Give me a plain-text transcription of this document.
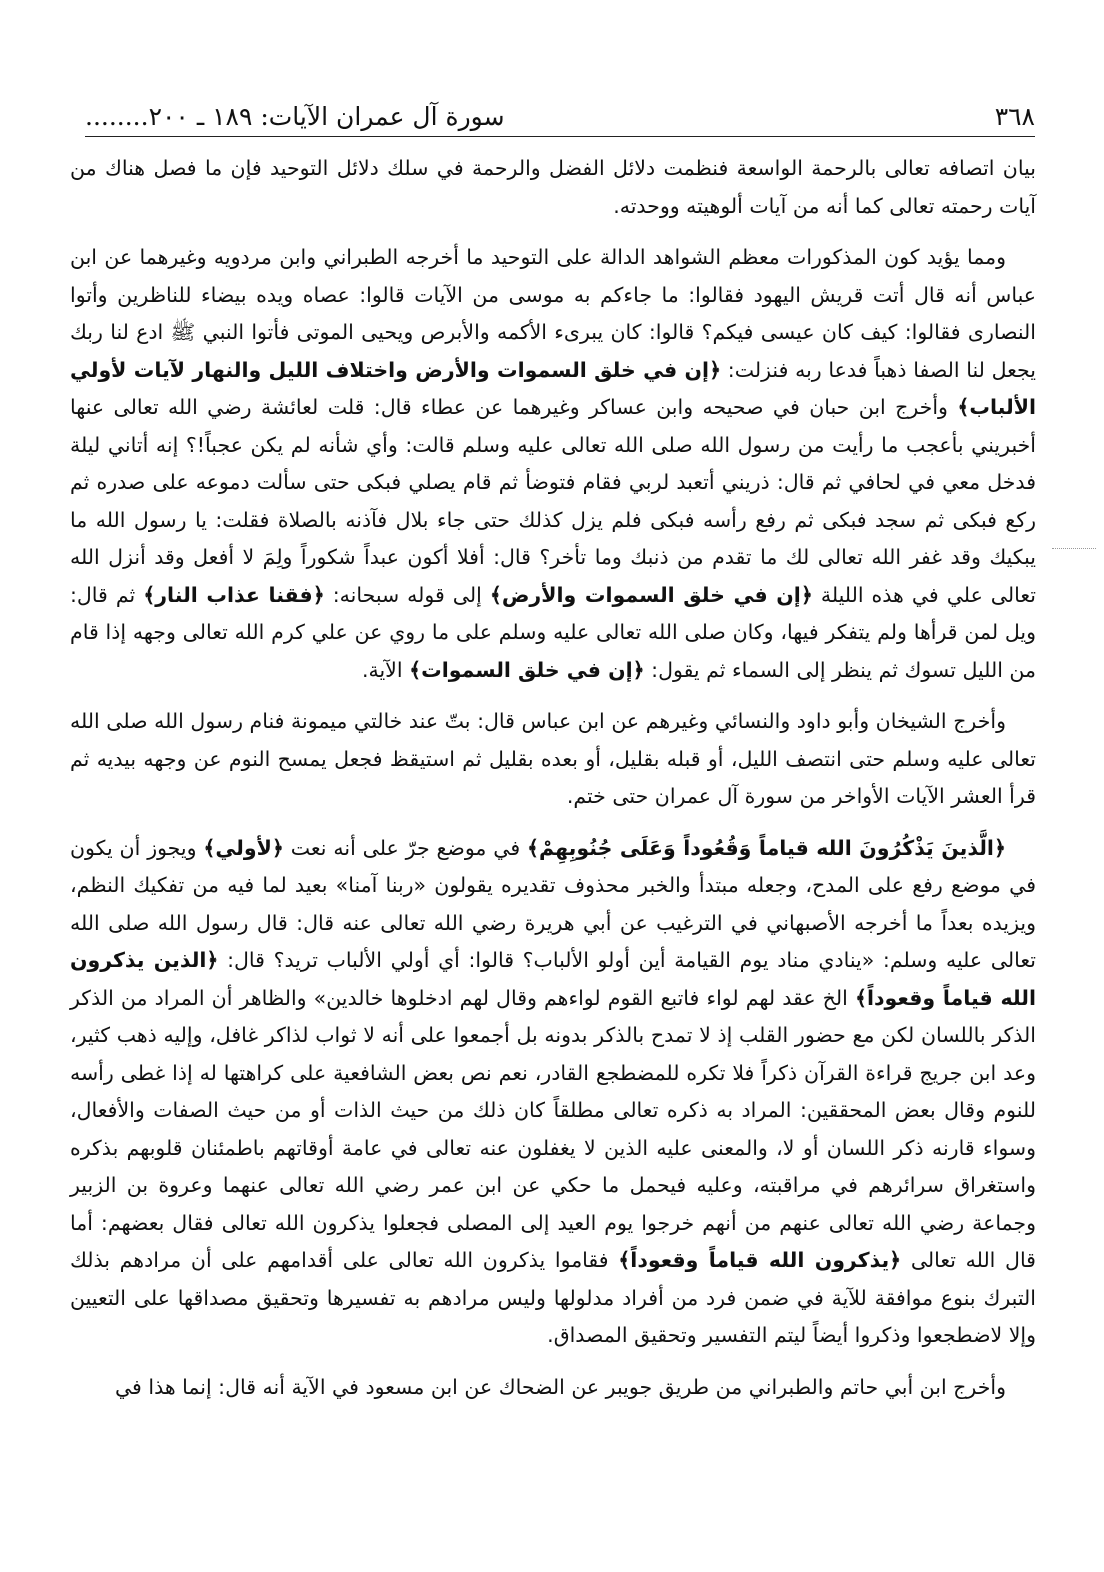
........سورة آل عمران الآيات: ١٨٩ ـ ٢٠٠	٣٦٨

بيان اتصافه تعالى بالرحمة الواسعة فنظمت دلائل الفضل والرحمة في سلك دلائل التوحيد فإن ما فصل هناك من آيات رحمته تعالى كما أنه من آيات ألوهيته ووحدته.

ومما يؤيد كون المذكورات معظم الشواهد الدالة على التوحيد ما أخرجه الطبراني وابن مردويه وغيرهما عن ابن عباس أنه قال أتت قريش اليهود فقالوا: ما جاءكم به موسى من الآيات قالوا: عصاه ويده بيضاء للناظرين وأتوا النصارى فقالوا: كيف كان عيسى فيكم؟ قالوا: كان يبرىء الأكمه والأبرص ويحيى الموتى فأتوا النبي ﷺ ادع لنا ربك يجعل لنا الصفا ذهباً فدعا ربه فنزلت: ﴿إن في خلق السموات والأرض واختلاف الليل والنهار لآيات لأولي الألباب﴾ وأخرج ابن حبان في صحيحه وابن عساكر وغيرهما عن عطاء قال: قلت لعائشة رضي الله تعالى عنها أخبريني بأعجب ما رأيت من رسول الله صلى الله تعالى عليه وسلم قالت: وأي شأنه لم يكن عجباً!؟ إنه أتاني ليلة فدخل معي في لحافي ثم قال: ذريني أتعبد لربي فقام فتوضأ ثم قام يصلي فبكى حتى سألت دموعه على صدره ثم ركع فبكى ثم سجد فبكى ثم رفع رأسه فبكى فلم يزل كذلك حتى جاء بلال فآذنه بالصلاة فقلت: يا رسول الله ما يبكيك وقد غفر الله تعالى لك ما تقدم من ذنبك وما تأخر؟ قال: أفلا أكون عبداً شكوراً ولِمَ لا أفعل وقد أنزل الله تعالى علي في هذه الليلة ﴿إن في خلق السموات والأرض﴾ إلى قوله سبحانه: ﴿فقنا عذاب النار﴾ ثم قال: ويل لمن قرأها ولم يتفكر فيها، وكان صلى الله تعالى عليه وسلم على ما روي عن علي كرم الله تعالى وجهه إذا قام من الليل تسوك ثم ينظر إلى السماء ثم يقول: ﴿إن في خلق السموات﴾ الآية.

وأخرج الشيخان وأبو داود والنسائي وغيرهم عن ابن عباس قال: بتّ عند خالتي ميمونة فنام رسول الله صلى الله تعالى عليه وسلم حتى انتصف الليل، أو قبله بقليل، أو بعده بقليل ثم استيقظ فجعل يمسح النوم عن وجهه بيديه ثم قرأ العشر الآيات الأواخر من سورة آل عمران حتى ختم.

﴿الَّذينَ يَذْكُرُونَ الله قياماً وَقُعُوداً وَعَلَى جُنُوبِهِمْ﴾ في موضع جرّ على أنه نعت ﴿لأولي﴾ ويجوز أن يكون في موضع رفع على المدح، وجعله مبتدأ والخبر محذوف تقديره يقولون «ربنا آمنا» بعيد لما فيه من تفكيك النظم، ويزيده بعداً ما أخرجه الأصبهاني في الترغيب عن أبي هريرة رضي الله تعالى عنه قال: قال رسول الله صلى الله تعالى عليه وسلم: «ينادي مناد يوم القيامة أين أولو الألباب؟ قالوا: أي أولي الألباب تريد؟ قال: ﴿الذين يذكرون الله قياماً وقعوداً﴾ الخ عقد لهم لواء فاتبع القوم لواءهم وقال لهم ادخلوها خالدين» والظاهر أن المراد من الذكر الذكر باللسان لكن مع حضور القلب إذ لا تمدح بالذكر بدونه بل أجمعوا على أنه لا ثواب لذاكر غافل، وإليه ذهب كثير، وعد ابن جريج قراءة القرآن ذكراً فلا تكره للمضطجع القادر، نعم نص بعض الشافعية على كراهتها له إذا غطى رأسه للنوم وقال بعض المحققين: المراد به ذكره تعالى مطلقاً كان ذلك من حيث الذات أو من حيث الصفات والأفعال، وسواء قارنه ذكر اللسان أو لا، والمعنى عليه الذين لا يغفلون عنه تعالى في عامة أوقاتهم باطمئنان قلوبهم بذكره واستغراق سرائرهم في مراقبته، وعليه فيحمل ما حكي عن ابن عمر رضي الله تعالى عنهما وعروة بن الزبير وجماعة رضي الله تعالى عنهم من أنهم خرجوا يوم العيد إلى المصلى فجعلوا يذكرون الله تعالى فقال بعضهم: أما قال الله تعالى ﴿يذكرون الله قياماً وقعوداً﴾ فقاموا يذكرون الله تعالى على أقدامهم على أن مرادهم بذلك التبرك بنوع موافقة للآية في ضمن فرد من أفراد مدلولها وليس مرادهم به تفسيرها وتحقيق مصداقها على التعيين وإلا لاضطجعوا وذكروا أيضاً ليتم التفسير وتحقيق المصداق.

وأخرج ابن أبي حاتم والطبراني من طريق جويبر عن الضحاك عن ابن مسعود في الآية أنه قال: إنما هذا في
